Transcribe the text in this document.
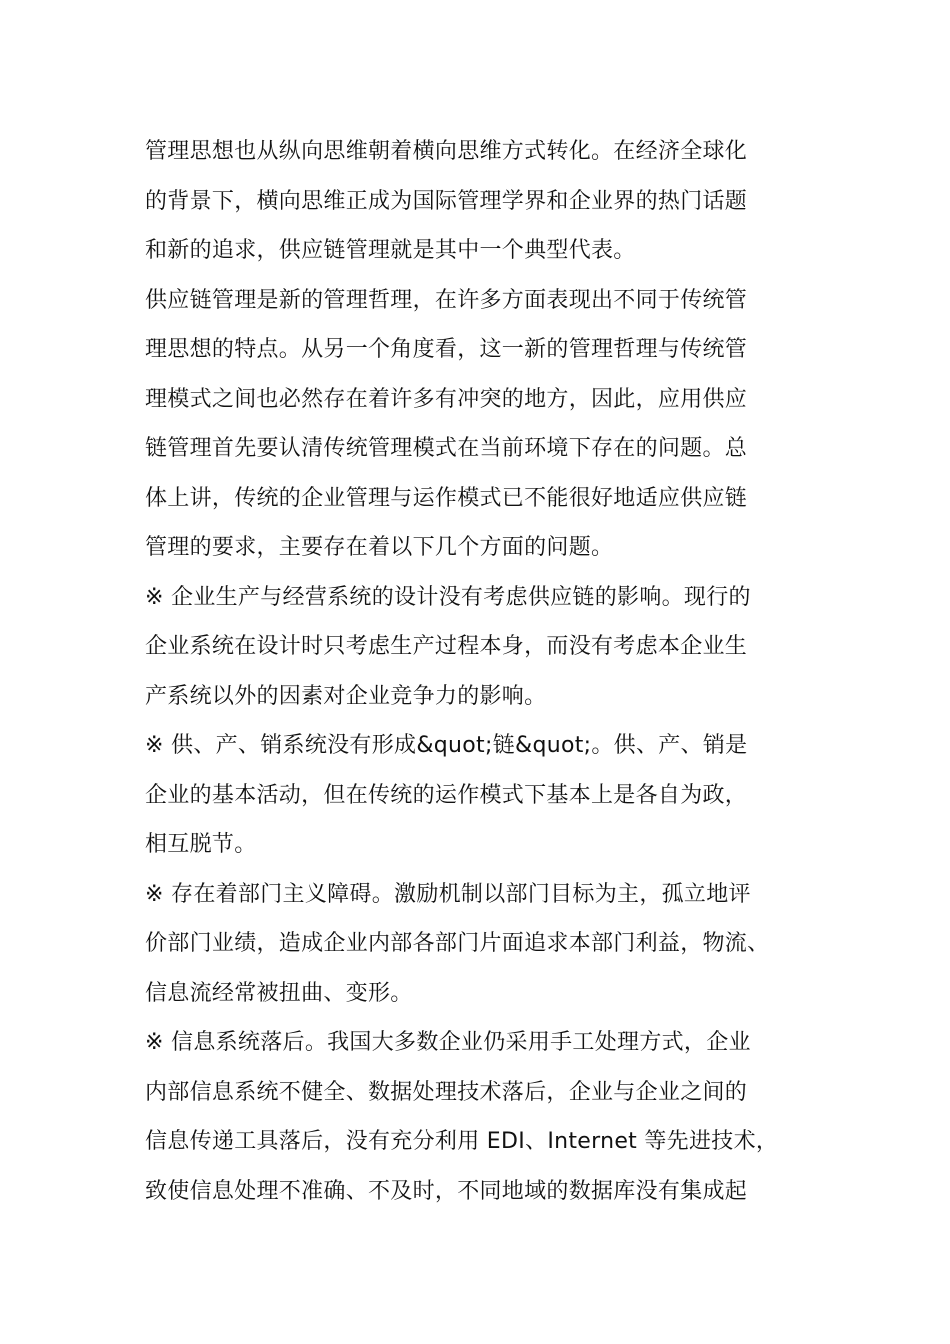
管理思想也从纵向思维朝着横向思维方式转化。在经济全球化
的背景下，横向思维正成为国际管理学界和企业界的热门话题
和新的追求，供应链管理就是其中一个典型代表。

供应链管理是新的管理哲理，在许多方面表现出不同于传统管
理思想的特点。从另一个角度看，这一新的管理哲理与传统管
理模式之间也必然存在着许多有冲突的地方，因此，应用供应
链管理首先要认清传统管理模式在当前环境下存在的问题。总
体上讲，传统的企业管理与运作模式已不能很好地适应供应链
管理的要求，主要存在着以下几个方面的问题。

※ 企业生产与经营系统的设计没有考虑供应链的影响。现行的
企业系统在设计时只考虑生产过程本身，而没有考虑本企业生
产系统以外的因素对企业竞争力的影响。

※ 供、产、销系统没有形成&quot;链&quot;。供、产、销是
企业的基本活动，但在传统的运作模式下基本上是各自为政，
相互脱节。

※ 存在着部门主义障碍。激励机制以部门目标为主，孤立地评
价部门业绩，造成企业内部各部门片面追求本部门利益，物流、
信息流经常被扭曲、变形。

※ 信息系统落后。我国大多数企业仍采用手工处理方式，企业
内部信息系统不健全、数据处理技术落后，企业与企业之间的
信息传递工具落后，没有充分利用 EDI、Internet 等先进技术，
致使信息处理不准确、不及时，不同地域的数据库没有集成起
